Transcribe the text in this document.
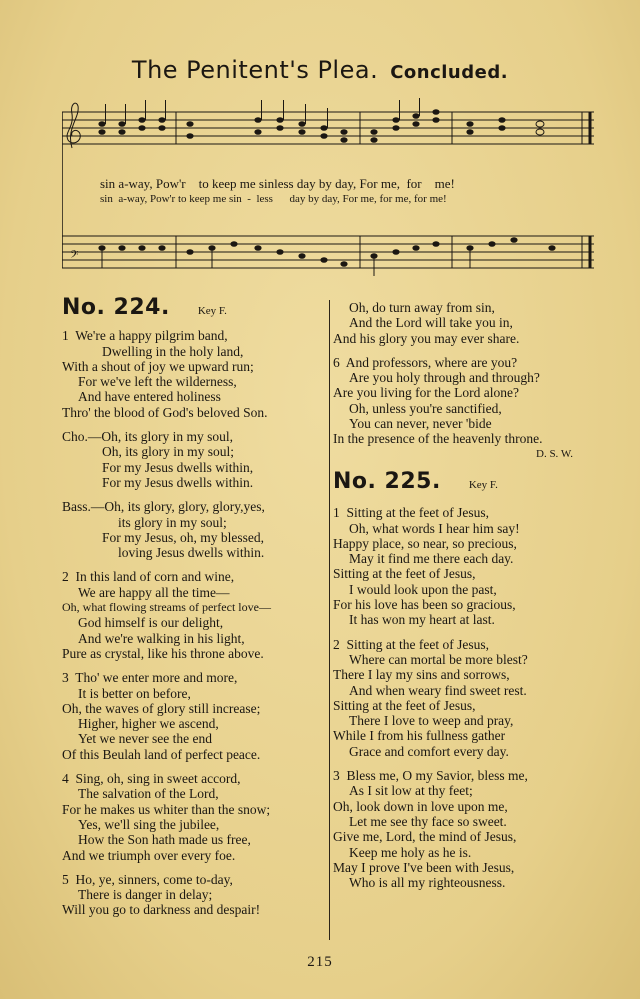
The Penitent's Plea. Concluded.
𝄢
sin a-way, Pow'r    to keep me sinless day by day, For me,  for    me!
sin  a-way, Pow'r to keep me sin  -  less      day by day, For me, for me, for me!
No. 224.	Key F.
1  We're a happy pilgrim band,
Dwelling in the holy land,
With a shout of joy we upward run;
For we've left the wilderness,
And have entered holiness
Thro' the blood of God's beloved Son.
Cho.—Oh, its glory in my soul,
Oh, its glory in my soul;
For my Jesus dwells within,
For my Jesus dwells within.
Bass.—Oh, its glory, glory, glory,yes,
its glory in my soul;
For my Jesus, oh, my blessed,
loving Jesus dwells within.
2  In this land of corn and wine,
We are happy all the time—
Oh, what flowing streams of perfect love—
God himself is our delight,
And we're walking in his light,
Pure as crystal, like his throne above.
3  Tho' we enter more and more,
It is better on before,
Oh, the waves of glory still increase;
Higher, higher we ascend,
Yet we never see the end
Of this Beulah land of perfect peace.
4  Sing, oh, sing in sweet accord,
The salvation of the Lord,
For he makes us whiter than the snow;
Yes, we'll sing the jubilee,
How the Son hath made us free,
And we triumph over every foe.
5  Ho, ye, sinners, come to-day,
There is danger in delay;
Will you go to darkness and despair!
Oh, do turn away from sin,
And the Lord will take you in,
And his glory you may ever share.
6  And professors, where are you?
Are you holy through and through?
Are you living for the Lord alone?
Oh, unless you're sanctified,
You can never, never 'bide
In the presence of the heavenly throne.
D. S. W.
No. 225.	Key F.
1  Sitting at the feet of Jesus,
Oh, what words I hear him say!
Happy place, so near, so precious,
May it find me there each day.
Sitting at the feet of Jesus,
I would look upon the past,
For his love has been so gracious,
It has won my heart at last.
2  Sitting at the feet of Jesus,
Where can mortal be more blest?
There I lay my sins and sorrows,
And when weary find sweet rest.
Sitting at the feet of Jesus,
There I love to weep and pray,
While I from his fullness gather
Grace and comfort every day.
3  Bless me, O my Savior, bless me,
As I sit low at thy feet;
Oh, look down in love upon me,
Let me see thy face so sweet.
Give me, Lord, the mind of Jesus,
Keep me holy as he is.
May I prove I've been with Jesus,
Who is all my righteousness.
215
